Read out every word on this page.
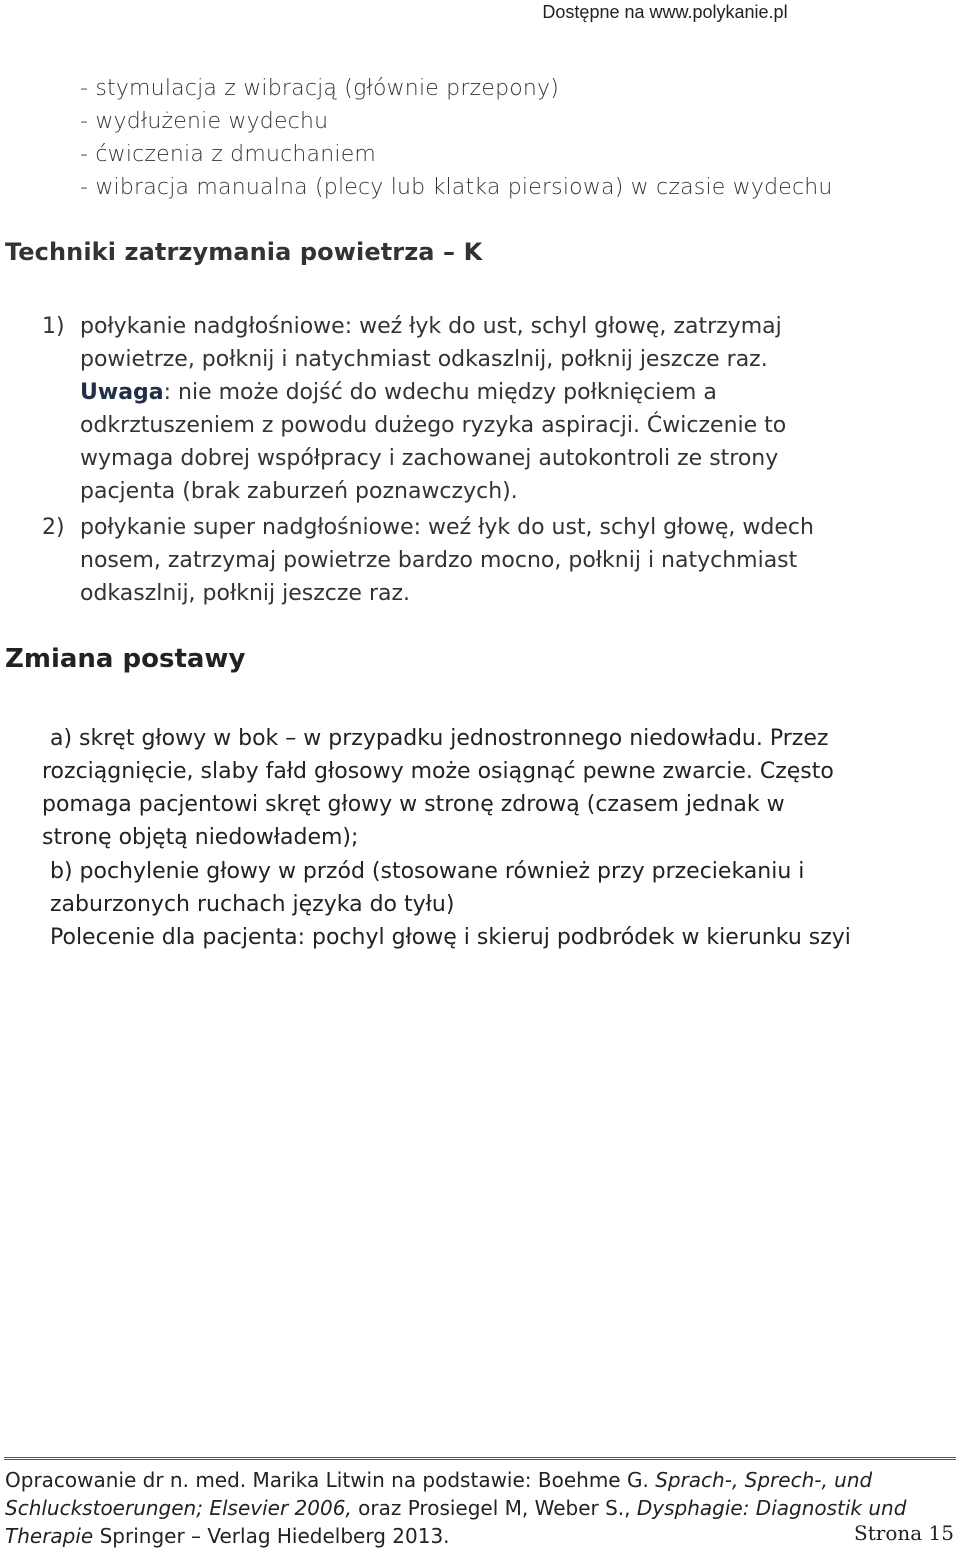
Dostępne na www.polykanie.pl
- stymulacja z wibracją (głównie przepony)
- wydłużenie wydechu
- ćwiczenia z dmuchaniem
- wibracja manualna (plecy lub klatka piersiowa) w czasie wydechu
Techniki zatrzymania powietrza – K
1) połykanie nadgłośniowe: weź łyk do ust, schyl głowę, zatrzymaj
powietrze, połknij i natychmiast odkaszlnij, połknij jeszcze raz.
Uwaga: nie może dojść do wdechu między połknięciem a
odkrztuszeniem z powodu dużego ryzyka aspiracji. Ćwiczenie to
wymaga dobrej współpracy i zachowanej autokontroli ze strony
pacjenta (brak zaburzeń poznawczych).
2) połykanie super nadgłośniowe: weź łyk do ust, schyl głowę, wdech
nosem, zatrzymaj powietrze bardzo mocno, połknij i natychmiast
odkaszlnij, połknij jeszcze raz.
Zmiana postawy
a) skręt głowy w bok – w przypadku jednostronnego niedowładu. Przez
rozciągnięcie, slaby fałd głosowy może osiągnąć pewne zwarcie. Często
pomaga pacjentowi skręt głowy w stronę zdrową (czasem jednak w
stronę objętą niedowładem);
b) pochylenie głowy w przód (stosowane również przy przeciekaniu i
zaburzonych ruchach języka do tyłu)
Polecenie dla pacjenta: pochyl głowę i skieruj podbródek w kierunku szyi
Opracowanie dr n. med. Marika Litwin na podstawie: Boehme G. Sprach-, Sprech-, und
Schluckstoerungen; Elsevier 2006, oraz Prosiegel M, Weber S., Dysphagie: Diagnostik und
Therapie Springer – Verlag Hiedelberg 2013.	Strona 15
